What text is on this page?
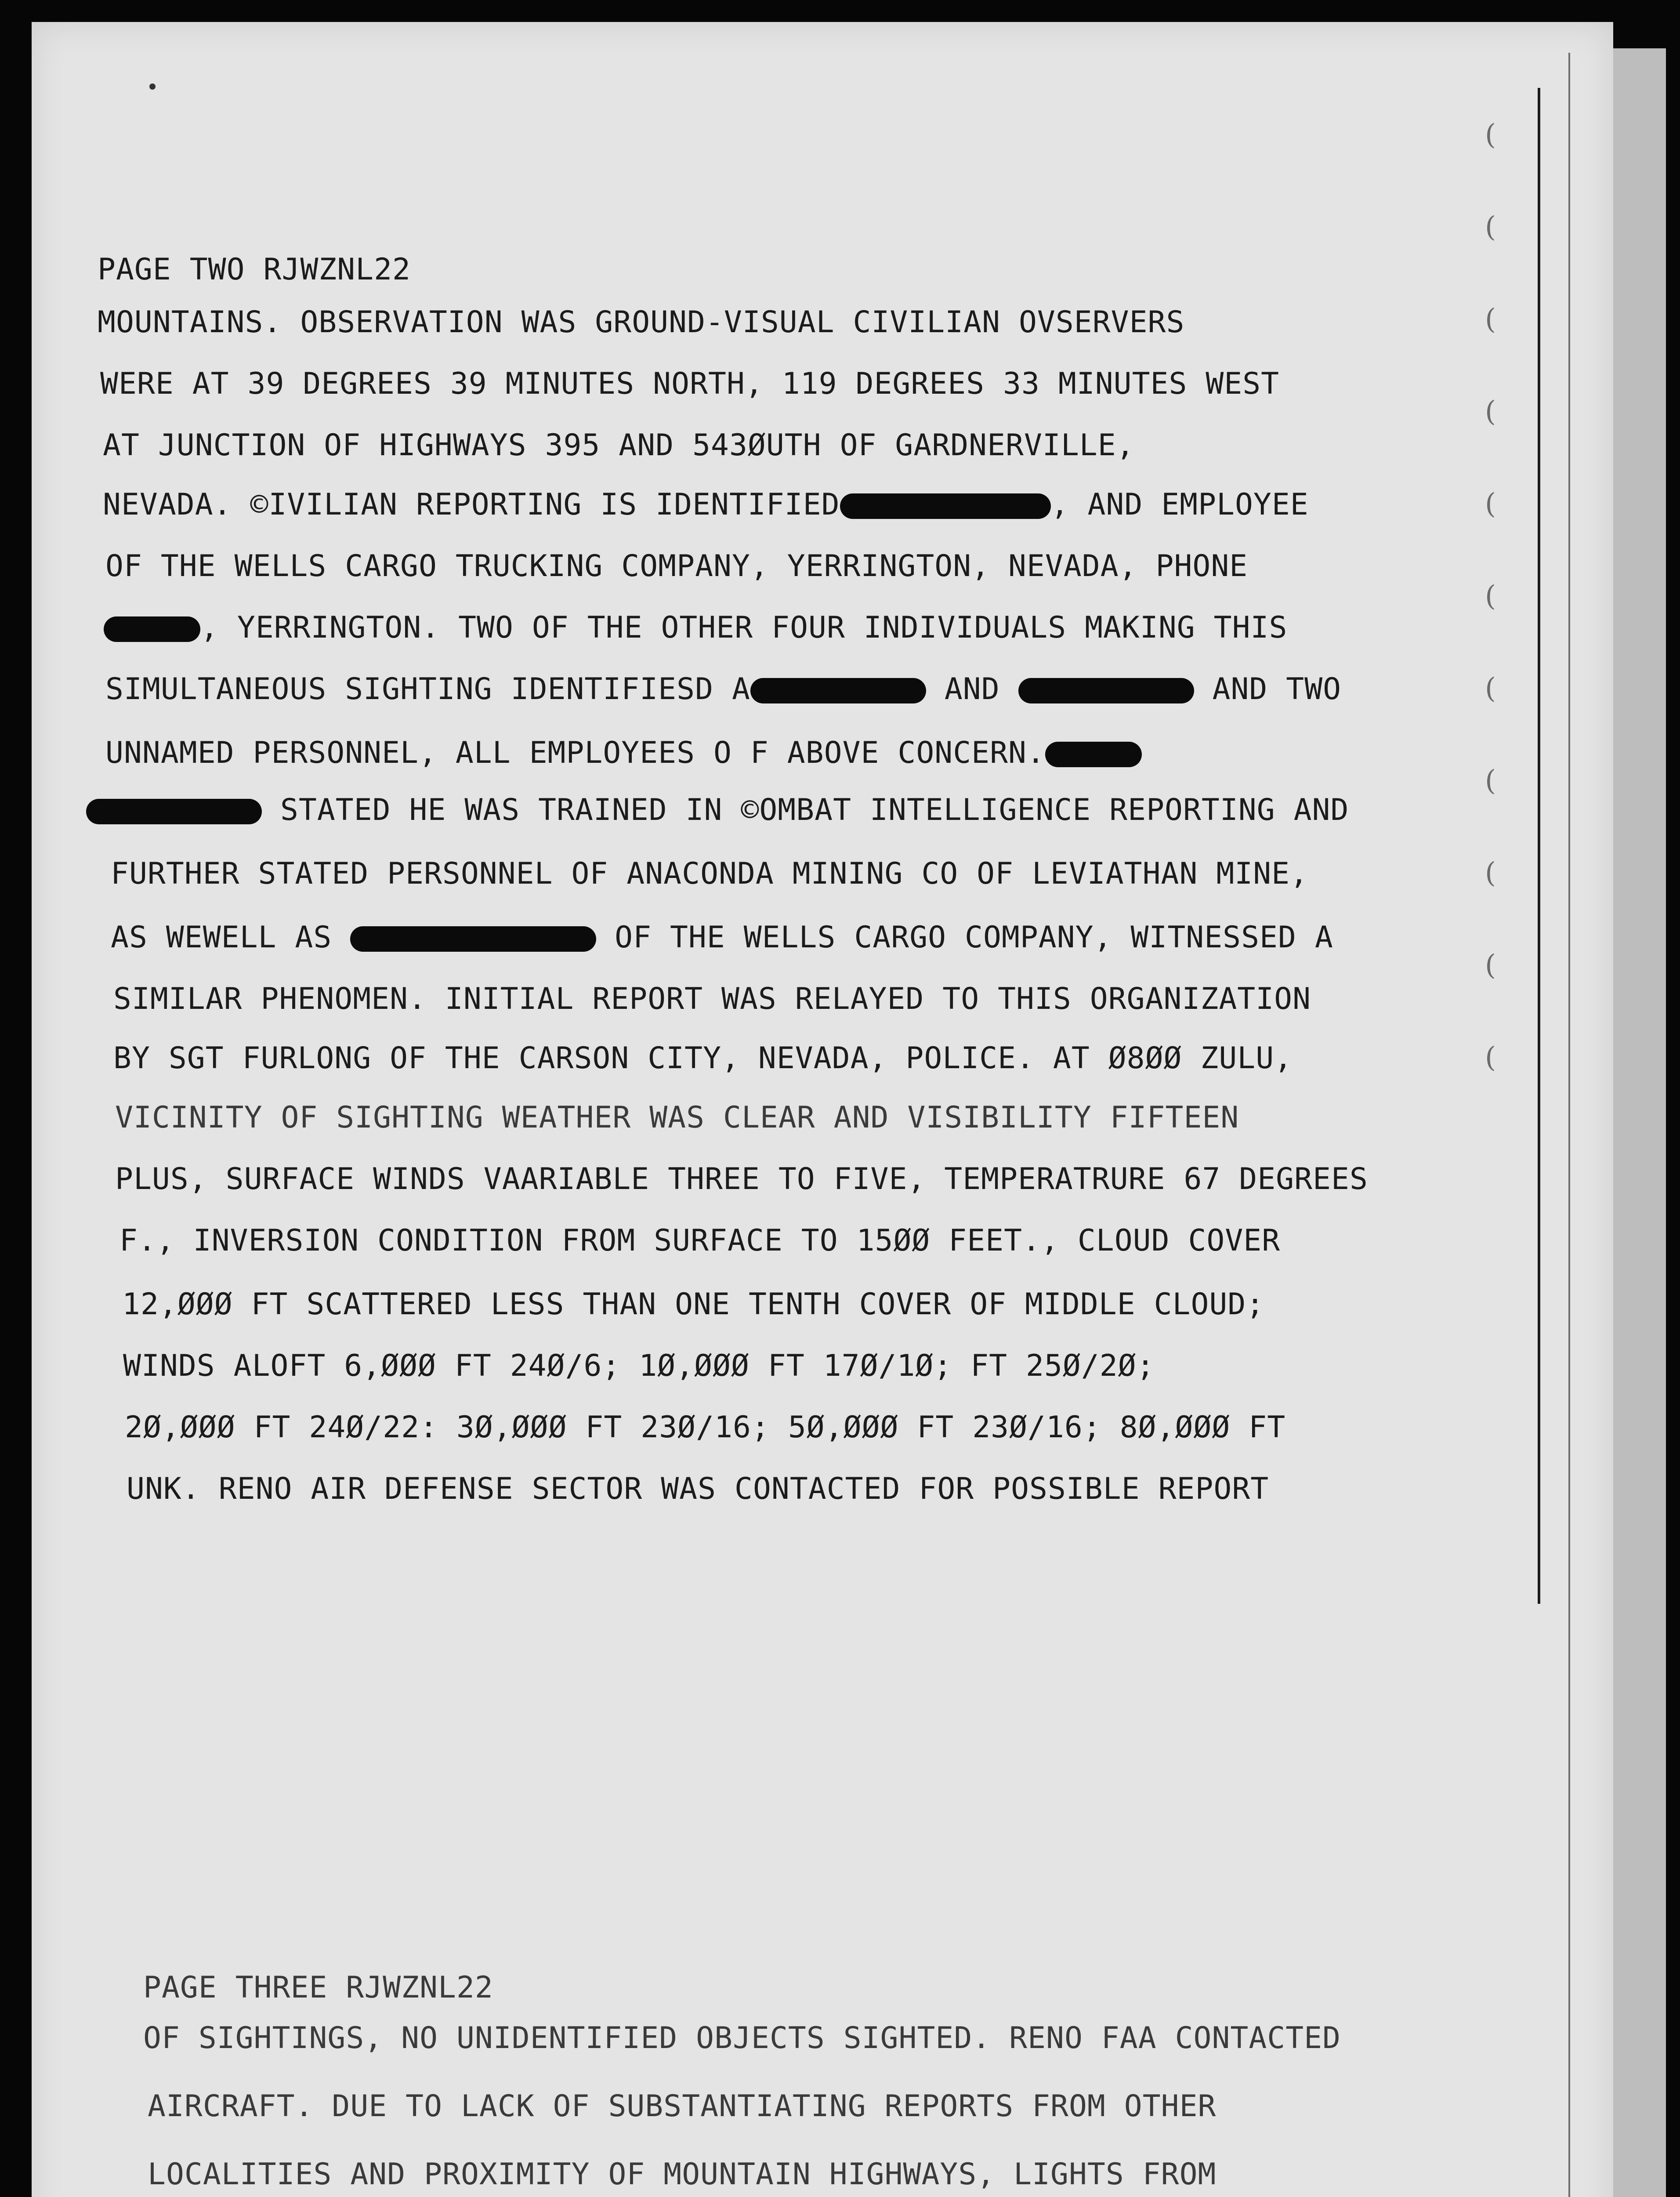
(
(
(
(
(
(
(
(
(
(
(
PAGE TWO RJWZNL22
MOUNTAINS. OBSERVATION WAS GROUND-VISUAL CIVILIAN OVSERVERS
WERE AT 39 DEGREES 39 MINUTES NORTH, 119 DEGREES 33 MINUTES WEST
AT JUNCTION OF HIGHWAYS 395 AND 543ØUTH OF GARDNERVILLE,
NEVADA. ©IVILIAN REPORTING IS IDENTIFIED	, AND EMPLOYEE
OF THE WELLS CARGO TRUCKING COMPANY, YERRINGTON, NEVADA, PHONE
, YERRINGTON. TWO OF THE OTHER FOUR INDIVIDUALS MAKING THIS
SIMULTANEOUS SIGHTING IDENTIFIESD A	AND	AND TWO
UNNAMED PERSONNEL, ALL EMPLOYEES O F ABOVE CONCERN.
STATED HE WAS TRAINED IN ©OMBAT INTELLIGENCE REPORTING AND
FURTHER STATED PERSONNEL OF ANACONDA MINING CO OF LEVIATHAN MINE,
AS WEWELL AS	OF THE WELLS CARGO COMPANY, WITNESSED A
SIMILAR PHENOMEN. INITIAL REPORT WAS RELAYED TO THIS ORGANIZATION
BY SGT FURLONG OF THE CARSON CITY, NEVADA, POLICE. AT Ø8ØØ ZULU,
VICINITY OF SIGHTING WEATHER WAS CLEAR AND VISIBILITY FIFTEEN
PLUS, SURFACE WINDS VAARIABLE THREE TO FIVE, TEMPERATRURE 67 DEGREES
F., INVERSION CONDITION FROM SURFACE TO 15ØØ FEET., CLOUD COVER
12,ØØØ FT SCATTERED LESS THAN ONE TENTH COVER OF MIDDLE CLOUD;
WINDS ALOFT 6,ØØØ FT 24Ø/6; 1Ø,ØØØ FT 17Ø/1Ø; FT 25Ø/2Ø;
2Ø,ØØØ FT 24Ø/22: 3Ø,ØØØ FT 23Ø/16; 5Ø,ØØØ FT 23Ø/16; 8Ø,ØØØ FT
UNK. RENO AIR DEFENSE SECTOR WAS CONTACTED FOR POSSIBLE REPORT
PAGE THREE RJWZNL22
OF SIGHTINGS, NO UNIDENTIFIED OBJECTS SIGHTED. RENO FAA CONTACTED
AIRCRAFT. DUE TO LACK OF SUBSTANTIATING REPORTS FROM OTHER
LOCALITIES AND PROXIMITY OF MOUNTAIN HIGHWAYS, LIGHTS FROM
